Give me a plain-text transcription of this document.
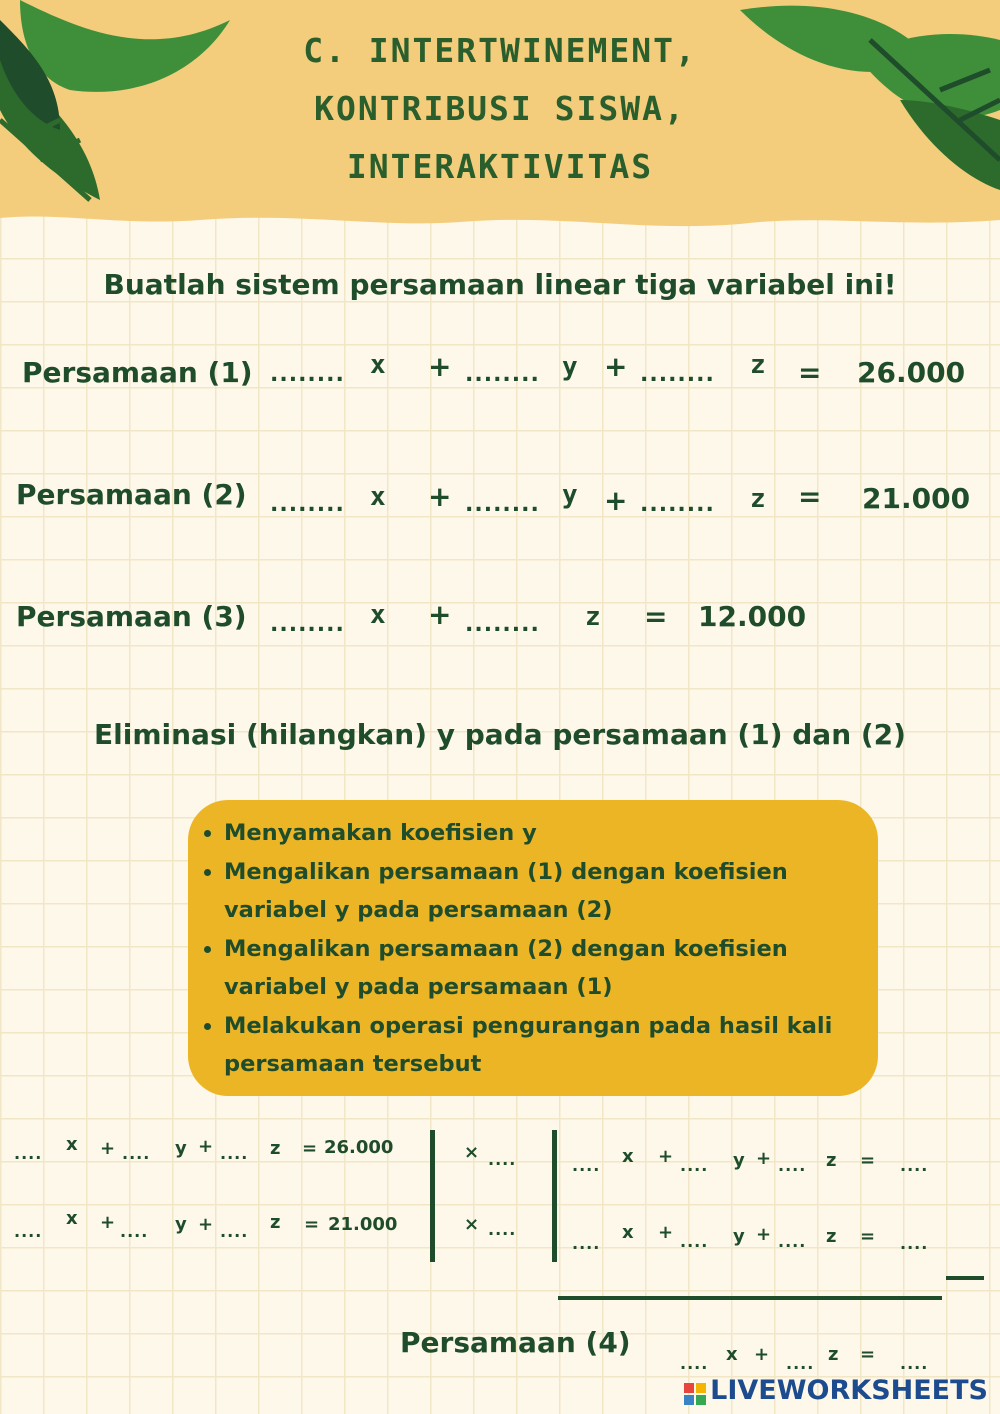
C. INTERTWINEMENT,
KONTRIBUSI SISWA,
INTERAKTIVITAS
Buatlah sistem persamaan linear tiga variabel ini!
Persamaan (1) ........ x + ........ y + ........ z = 26.000
Persamaan (2) ........ x + ........ y + ........ z = 21.000
Persamaan (3) ........ x + ........ z = 12.000
Eliminasi (hilangkan) y pada persamaan (1) dan (2)
• Menyamakan koefisien y
• Mengalikan persamaan (1) dengan koefisien variabel y pada persamaan (2)
• Mengalikan persamaan (2) dengan koefisien variabel y pada persamaan (1)
• Melakukan operasi pengurangan pada hasil kali persamaan tersebut
.... x + .... y + .... z = 26.000
....
x + .... y + .... z = 21.000
× ....
× ....
.... x + .... y + .... z = ....
....
x + .... y + .... z = ....
Persamaan (4)
.... x + .... z = ....
LIVEWORKSHEETS
